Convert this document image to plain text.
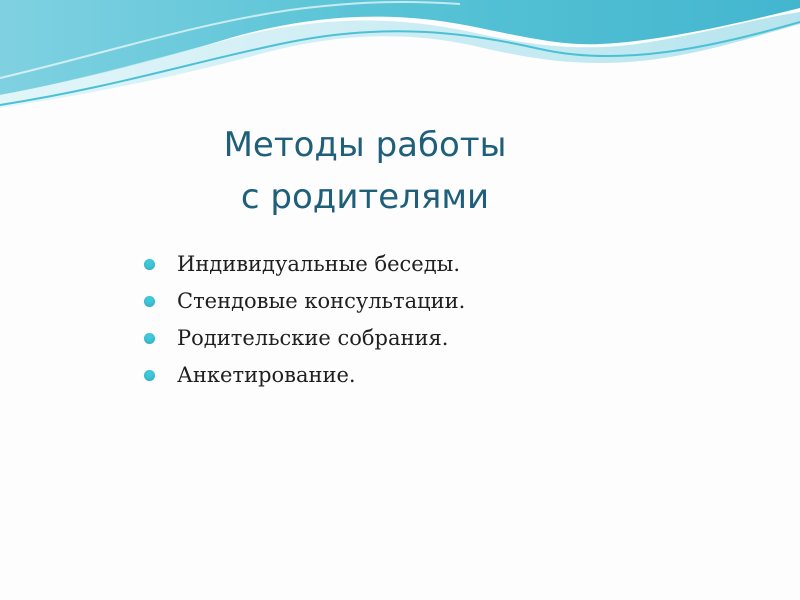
Методы работы
с родителями
Индивидуальные беседы.
Стендовые консультации.
Родительские собрания.
Анкетирование.
